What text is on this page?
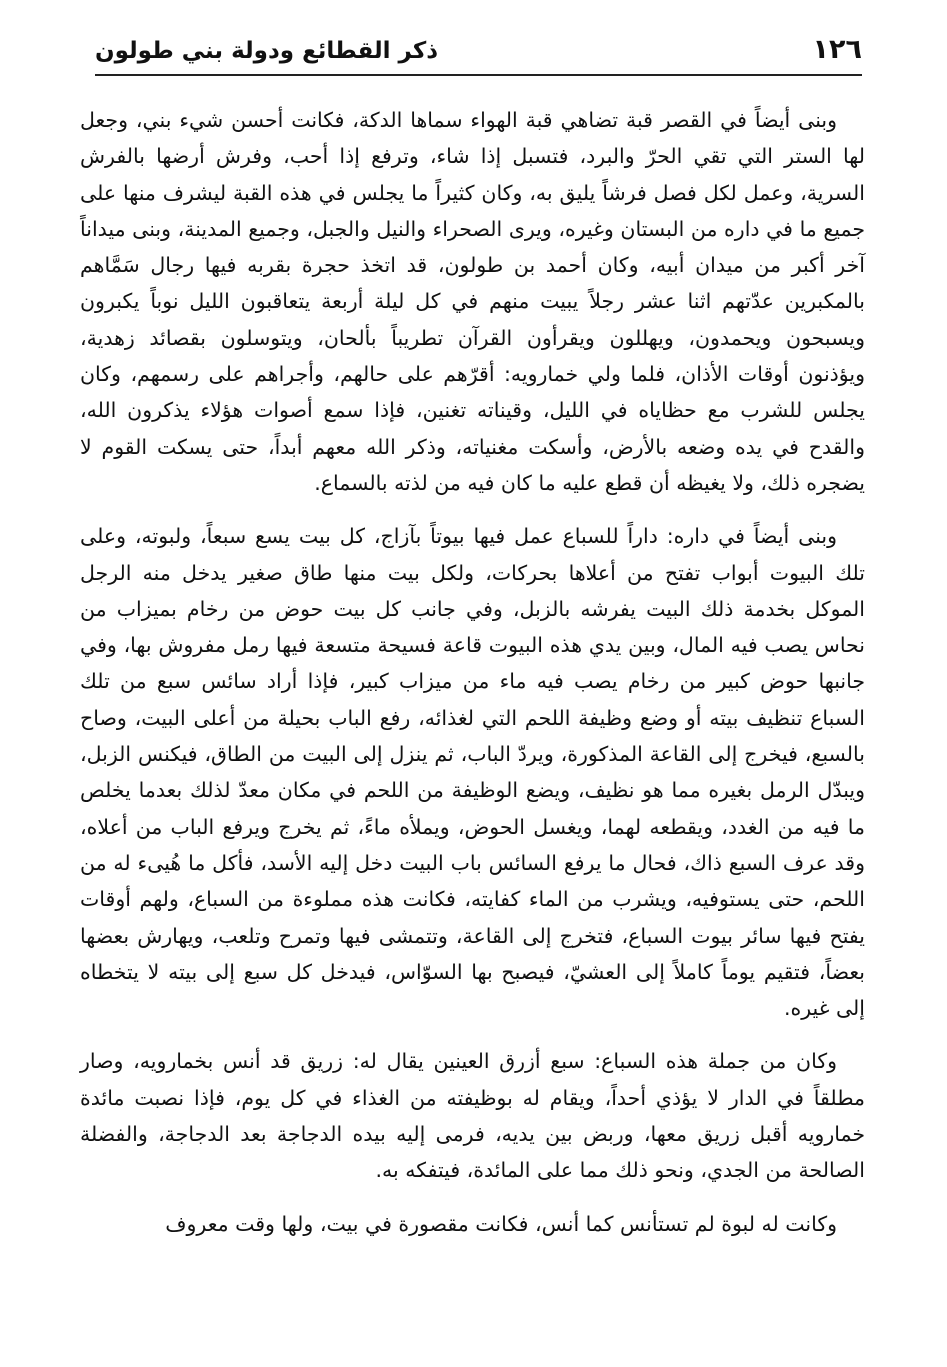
١٢٦
ذكر القطائع ودولة بني طولون

وبنى أيضاً في القصر قبة تضاهي قبة الهواء سماها الدكة، فكانت أحسن شيء بني، وجعل لها الستر التي تقي الحرّ والبرد، فتسبل إذا شاء، وترفع إذا أحب، وفرش أرضها بالفرش السرية، وعمل لكل فصل فرشاً يليق به، وكان كثيراً ما يجلس في هذه القبة ليشرف منها على جميع ما في داره من البستان وغيره، ويرى الصحراء والنيل والجبل، وجميع المدينة، وبنى ميداناً آخر أكبر من ميدان أبيه، وكان أحمد بن طولون، قد اتخذ حجرة بقربه فيها رجال سَمَّاهم بالمكبرين عدّتهم اثنا عشر رجلاً يبيت منهم في كل ليلة أربعة يتعاقبون الليل نوباً يكبرون ويسبحون ويحمدون، ويهللون ويقرأون القرآن تطريباً بألحان، ويتوسلون بقصائد زهدية، ويؤذنون أوقات الأذان، فلما ولي خمارويه: أقرّهم على حالهم، وأجراهم على رسمهم، وكان يجلس للشرب مع حظاياه في الليل، وقيناته تغنين، فإذا سمع أصوات هؤلاء يذكرون الله، والقدح في يده وضعه بالأرض، وأسكت مغنياته، وذكر الله معهم أبداً، حتى يسكت القوم لا يضجره ذلك، ولا يغيظه أن قطع عليه ما كان فيه من لذته بالسماع.

وبنى أيضاً في داره: داراً للسباع عمل فيها بيوتاً بآزاج، كل بيت يسع سبعاً، ولبوته، وعلى تلك البيوت أبواب تفتح من أعلاها بحركات، ولكل بيت منها طاق صغير يدخل منه الرجل الموكل بخدمة ذلك البيت يفرشه بالزبل، وفي جانب كل بيت حوض من رخام بميزاب من نحاس يصب فيه المال، وبين يدي هذه البيوت قاعة فسيحة متسعة فيها رمل مفروش بها، وفي جانبها حوض كبير من رخام يصب فيه ماء من ميزاب كبير، فإذا أراد سائس سبع من تلك السباع تنظيف بيته أو وضع وظيفة اللحم التي لغذائه، رفع الباب بحيلة من أعلى البيت، وصاح بالسبع، فيخرج إلى القاعة المذكورة، ويردّ الباب، ثم ينزل إلى البيت من الطاق، فيكنس الزبل، ويبدّل الرمل بغيره مما هو نظيف، ويضع الوظيفة من اللحم في مكان معدّ لذلك بعدما يخلص ما فيه من الغدد، ويقطعه لهما، ويغسل الحوض، ويملأه ماءً، ثم يخرج ويرفع الباب من أعلاه، وقد عرف السبع ذاك، فحال ما يرفع السائس باب البيت دخل إليه الأسد، فأكل ما هُيىء له من اللحم، حتى يستوفيه، ويشرب من الماء كفايته، فكانت هذه مملوءة من السباع، ولهم أوقات يفتح فيها سائر بيوت السباع، فتخرج إلى القاعة، وتتمشى فيها وتمرح وتلعب، ويهارش بعضها بعضاً، فتقيم يوماً كاملاً إلى العشيّ، فيصبح بها السوّاس، فيدخل كل سبع إلى بيته لا يتخطاه إلى غيره.

وكان من جملة هذه السباع: سبع أزرق العينين يقال له: زريق قد أنس بخمارويه، وصار مطلقاً في الدار لا يؤذي أحداً، ويقام له بوظيفته من الغذاء في كل يوم، فإذا نصبت مائدة خمارويه أقبل زريق معها، وربض بين يديه، فرمى إليه بيده الدجاجة بعد الدجاجة، والفضلة الصالحة من الجدي، ونحو ذلك مما على المائدة، فيتفكه به.

وكانت له لبوة لم تستأنس كما أنس، فكانت مقصورة في بيت، ولها وقت معروف
